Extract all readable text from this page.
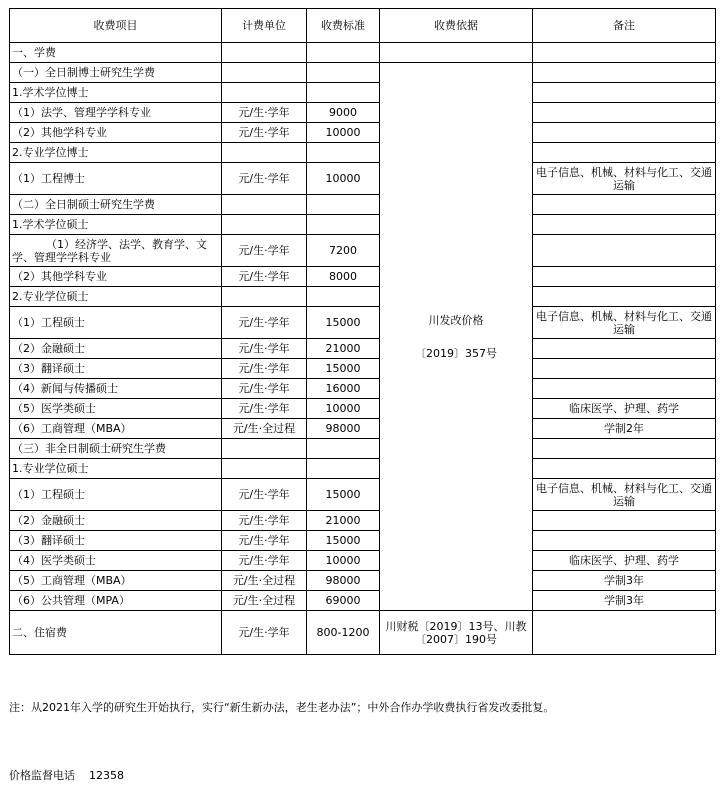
收费项目	计费单位	收费标准	收费依据	备注
一、学费				
（一）全日制博士研究生学费			川发改价格
〔2019〕357号	

1.学术学位博士				
（1）法学、管理学学科专业	元/生·学年	9000		
（2）其他学科专业	元/生·学年	10000		
2.专业学位博士				
（1）工程博士	元/生·学年	10000		电子信息、机械、材料与化工、交通运输
（二）全日制硕士研究生学费				
1.学术学位硕士				
（1）经济学、法学、教育学、文学、管理学学科专业	元/生·学年	7200		
（2）其他学科专业	元/生·学年	8000		
2.专业学位硕士				
（1）工程硕士	元/生·学年	15000		电子信息、机械、材料与化工、交通运输
（2）金融硕士	元/生·学年	21000		
（3）翻译硕士	元/生·学年	15000		
（4）新闻与传播硕士	元/生·学年	16000		
（5）医学类硕士	元/生·学年	10000		临床医学、护理、药学
（6）工商管理（MBA）	元/生·全过程	98000		学制2年
（三）非全日制硕士研究生学费				
1.专业学位硕士				
（1）工程硕士	元/生·学年	15000		电子信息、机械、材料与化工、交通运输
（2）金融硕士	元/生·学年	21000		
（3）翻译硕士	元/生·学年	15000		
（4）医学类硕士	元/生·学年	10000		临床医学、护理、药学
（5）工商管理（MBA）	元/生·全过程	98000		学制3年
（6）公共管理（MPA）	元/生·全过程	69000		学制3年
二、住宿费	元/生·学年	800-1200	川财税〔2019〕13号、川教
〔2007〕190号	

注：从2021年入学的研究生开始执行，实行“新生新办法，老生老办法”；中外合作办学收费执行省发改委批复。
价格监督电话 12358
